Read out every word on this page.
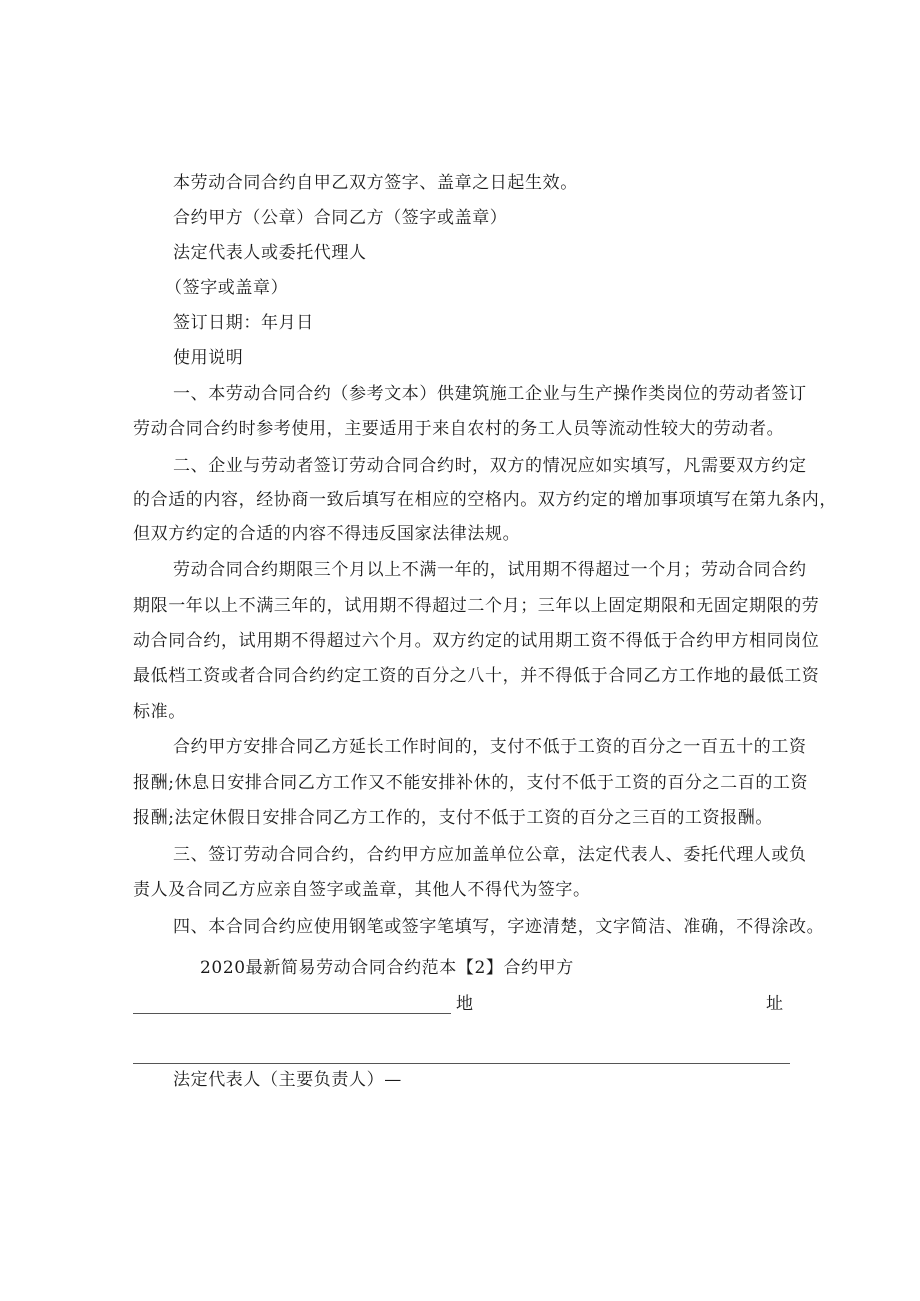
本劳动合同合约自甲乙双方签字、盖章之日起生效。
合约甲方（公章）合同乙方（签字或盖章）
法定代表人或委托代理人
（签字或盖章）
签订日期：年月日
使用说明
一、本劳动合同合约（参考文本）供建筑施工企业与生产操作类岗位的劳动者签订
劳动合同合约时参考使用，主要适用于来自农村的务工人员等流动性较大的劳动者。
二、企业与劳动者签订劳动合同合约时，双方的情况应如实填写，凡需要双方约定
的合适的内容，经协商一致后填写在相应的空格内。双方约定的增加事项填写在第九条内，
但双方约定的合适的内容不得违反国家法律法规。
劳动合同合约期限三个月以上不满一年的，试用期不得超过一个月；劳动合同合约
期限一年以上不满三年的，试用期不得超过二个月；三年以上固定期限和无固定期限的劳
动合同合约，试用期不得超过六个月。双方约定的试用期工资不得低于合约甲方相同岗位
最低档工资或者合同合约约定工资的百分之八十，并不得低于合同乙方工作地的最低工资
标准。
合约甲方安排合同乙方延长工作时间的，支付不低于工资的百分之一百五十的工资
报酬;休息日安排合同乙方工作又不能安排补休的，支付不低于工资的百分之二百的工资
报酬;法定休假日安排合同乙方工作的，支付不低于工资的百分之三百的工资报酬。
三、签订劳动合同合约，合约甲方应加盖单位公章，法定代表人、委托代理人或负
责人及合同乙方应亲自签字或盖章，其他人不得代为签字。
四、本合同合约应使用钢笔或签字笔填写，字迹清楚，文字简洁、准确，不得涂改。
2020最新简易劳动合同合约范本【2】合约甲方
地	址
法定代表人（主要负责人）—
